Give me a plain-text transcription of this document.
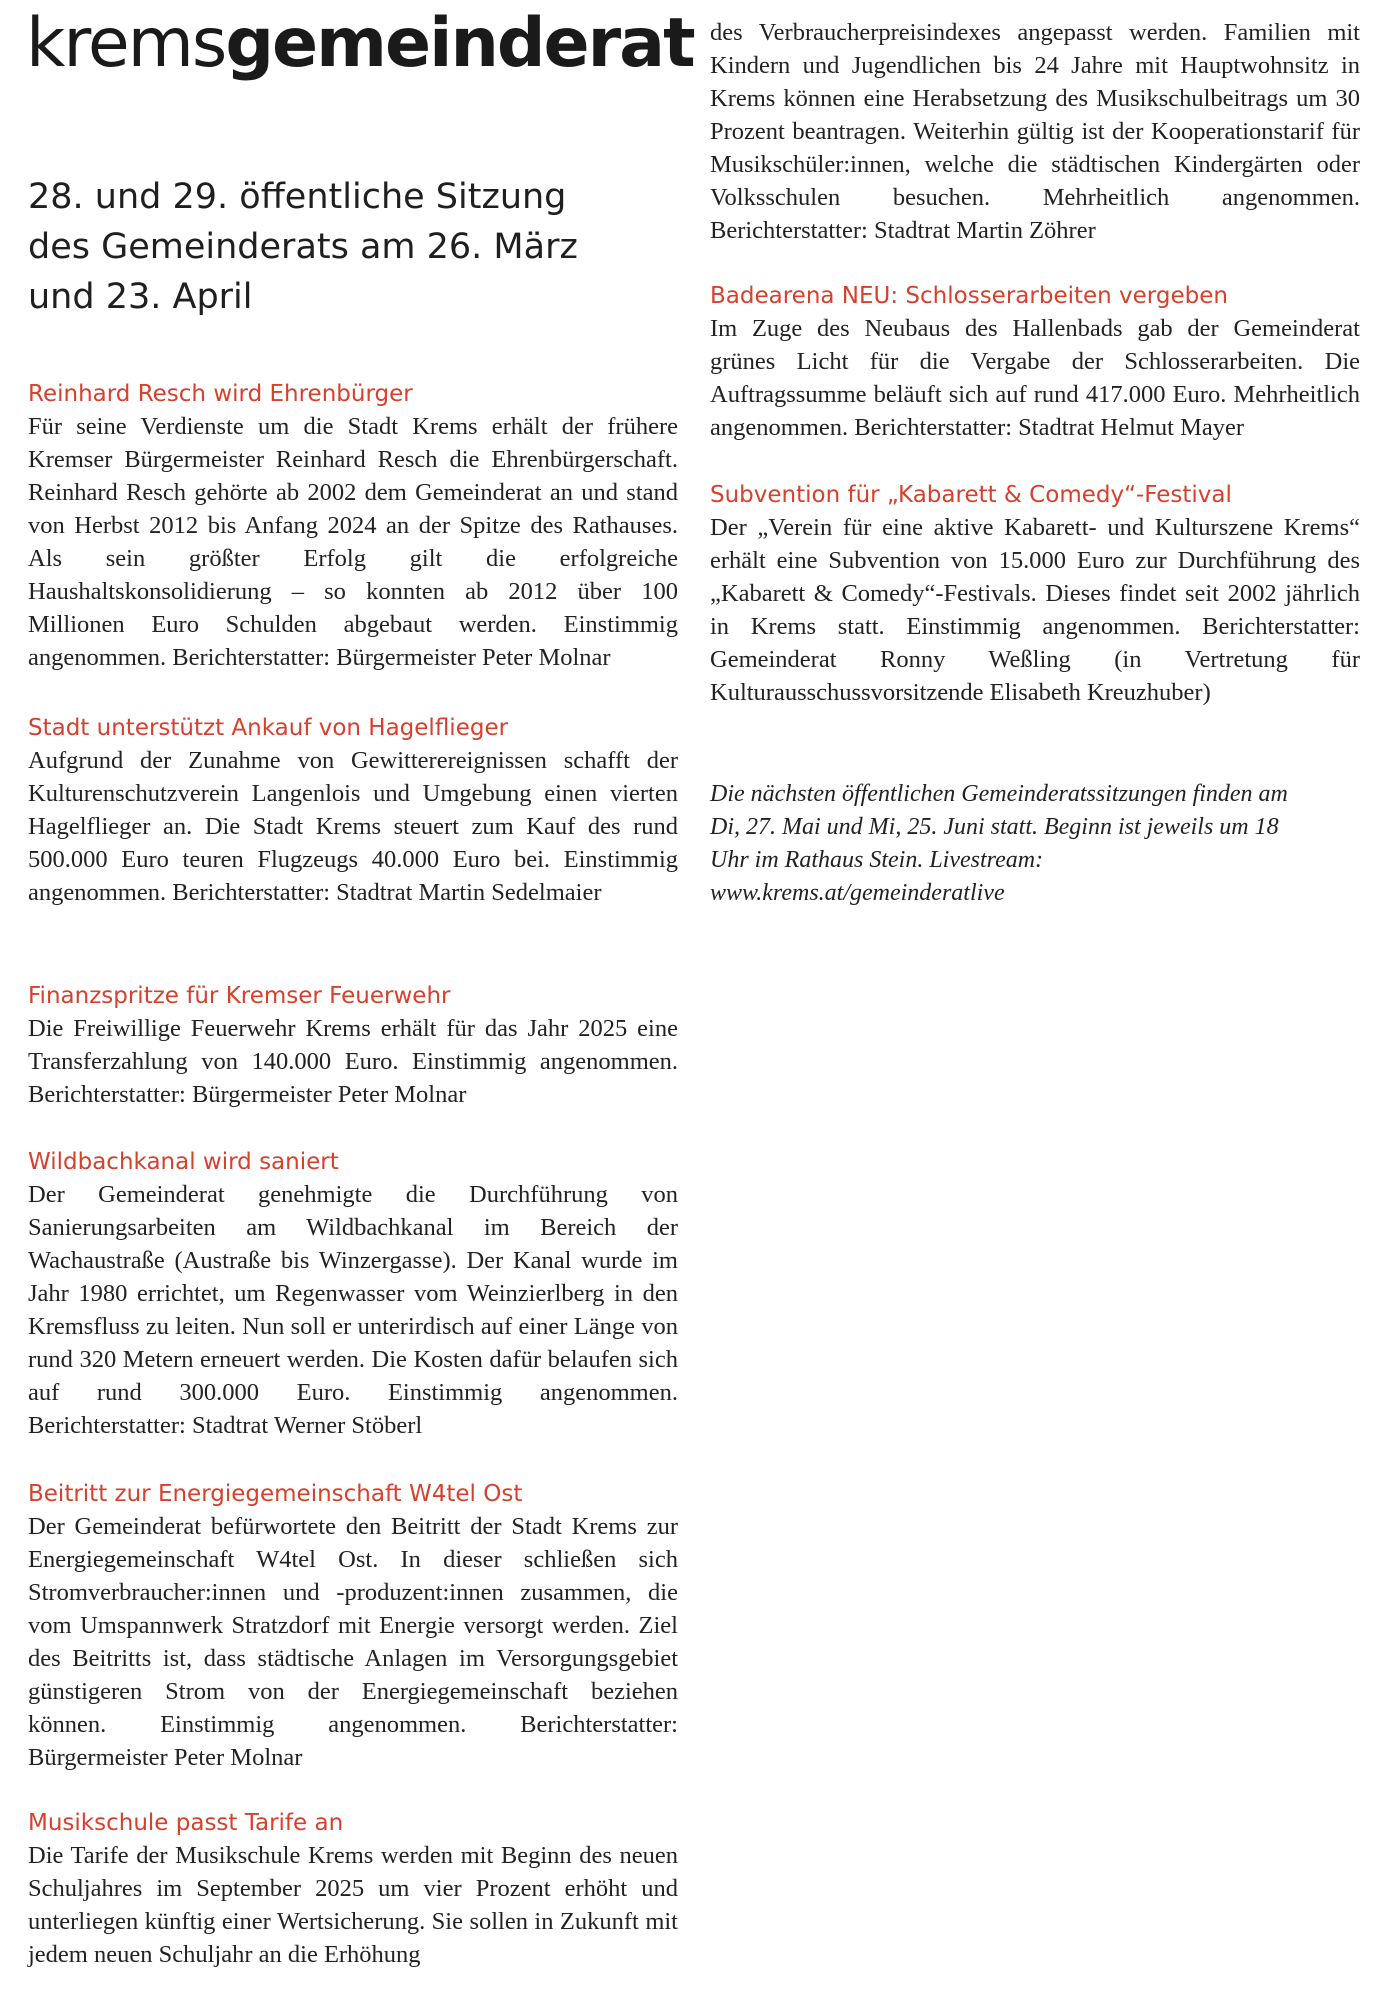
kremsgemeinderat
28. und 29. öffentliche Sitzung des Gemeinderats am 26. März und 23. April
Reinhard Resch wird Ehrenbürger
Für seine Verdienste um die Stadt Krems erhält der frühere Kremser Bürgermeister Reinhard Resch die Ehrenbürgerschaft. Reinhard Resch gehörte ab 2002 dem Gemeinderat an und stand von Herbst 2012 bis Anfang 2024 an der Spitze des Rathauses. Als sein größter Erfolg gilt die erfolgreiche Haushaltskonsolidierung – so konnten ab 2012 über 100 Millionen Euro Schulden abgebaut werden. Einstimmig angenommen. Berichterstatter: Bürgermeister Peter Molnar
Stadt unterstützt Ankauf von Hagelflieger
Aufgrund der Zunahme von Gewitterereignissen schafft der Kulturenschutzverein Langenlois und Umgebung einen vierten Hagelflieger an. Die Stadt Krems steuert zum Kauf des rund 500.000 Euro teuren Flugzeugs 40.000 Euro bei. Einstimmig angenommen. Berichterstatter: Stadtrat Martin Sedelmaier
Finanzspritze für Kremser Feuerwehr
Die Freiwillige Feuerwehr Krems erhält für das Jahr 2025 eine Transferzahlung von 140.000 Euro. Einstimmig angenommen. Berichterstatter: Bürgermeister Peter Molnar
Wildbachkanal wird saniert
Der Gemeinderat genehmigte die Durchführung von Sanierungsarbeiten am Wildbachkanal im Bereich der Wachaustraße (Austraße bis Winzergasse). Der Kanal wurde im Jahr 1980 errichtet, um Regenwasser vom Weinzierlberg in den Kremsfluss zu leiten. Nun soll er unterirdisch auf einer Länge von rund 320 Metern erneuert werden. Die Kosten dafür belaufen sich auf rund 300.000 Euro. Einstimmig angenommen. Berichterstatter: Stadtrat Werner Stöberl
Beitritt zur Energiegemeinschaft W4tel Ost
Der Gemeinderat befürwortete den Beitritt der Stadt Krems zur Energiegemeinschaft W4tel Ost. In dieser schließen sich Stromverbraucher:innen und -produzent:innen zusammen, die vom Umspannwerk Stratzdorf mit Energie versorgt werden. Ziel des Beitritts ist, dass städtische Anlagen im Versorgungsgebiet günstigeren Strom von der Energiegemeinschaft beziehen können. Einstimmig angenommen. Berichterstatter: Bürgermeister Peter Molnar
Musikschule passt Tarife an
Die Tarife der Musikschule Krems werden mit Beginn des neuen Schuljahres im September 2025 um vier Prozent erhöht und unterliegen künftig einer Wertsicherung. Sie sollen in Zukunft mit jedem neuen Schuljahr an die Erhöhung
des Verbraucherpreisindexes angepasst werden. Familien mit Kindern und Jugendlichen bis 24 Jahre mit Hauptwohnsitz in Krems können eine Herabsetzung des Musikschulbeitrags um 30 Prozent beantragen. Weiterhin gültig ist der Kooperationstarif für Musikschüler:innen, welche die städtischen Kindergärten oder Volksschulen besuchen. Mehrheitlich angenommen. Berichterstatter: Stadtrat Martin Zöhrer
Badearena NEU: Schlosserarbeiten vergeben
Im Zuge des Neubaus des Hallenbads gab der Gemeinderat grünes Licht für die Vergabe der Schlosserarbeiten. Die Auftragssumme beläuft sich auf rund 417.000 Euro. Mehrheitlich angenommen. Berichterstatter: Stadtrat Helmut Mayer
Subvention für „Kabarett & Comedy“-Festival
Der „Verein für eine aktive Kabarett- und Kulturszene Krems“ erhält eine Subvention von 15.000 Euro zur Durchführung des „Kabarett & Comedy“-Festivals. Dieses findet seit 2002 jährlich in Krems statt. Einstimmig angenommen. Berichterstatter: Gemeinderat Ronny Weßling (in Vertretung für Kulturausschussvorsitzende Elisabeth Kreuzhuber)
Die nächsten öffentlichen Gemeinderatssitzungen finden am Di, 27. Mai und Mi, 25. Juni statt. Beginn ist jeweils um 18 Uhr im Rathaus Stein. Livestream: www.krems.at/gemeinderatlive
